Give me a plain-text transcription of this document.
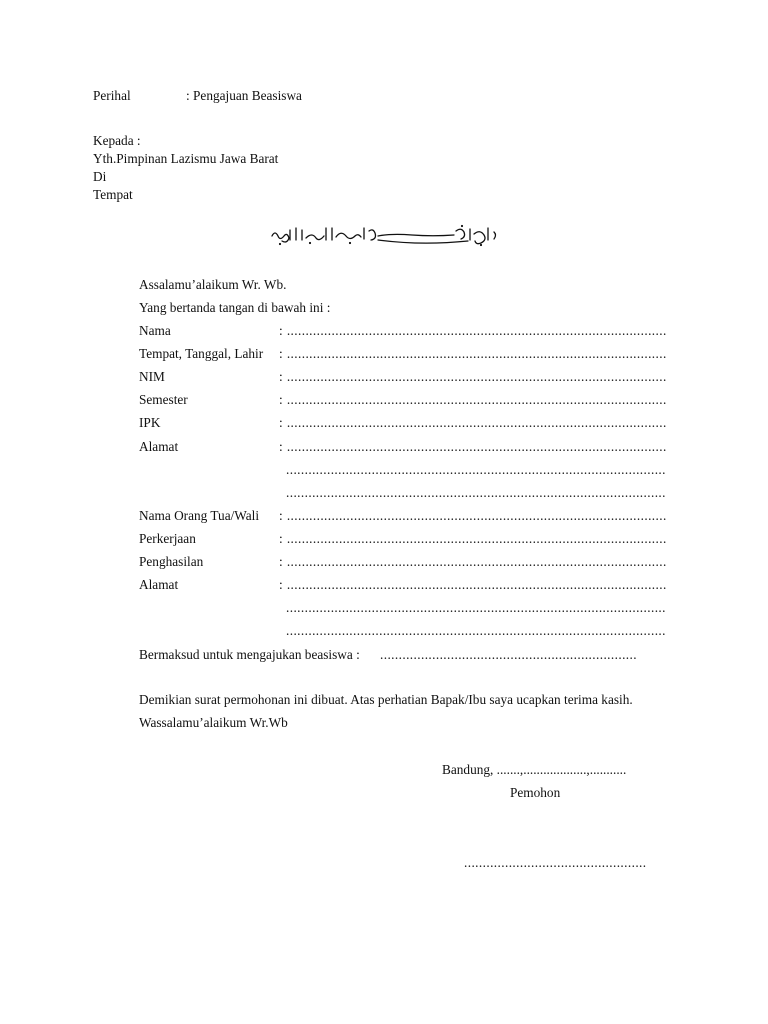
Perihal	: Pengajuan Beasiswa
Kepada :
Yth.Pimpinan Lazismu Jawa Barat
Di
Tempat
Assalamu’alaikum Wr. Wb.
Yang bertanda tangan di bawah ini :
Nama	: ......................................................................................................
Tempat, Tanggal, Lahir : ......................................................................................................
NIM	: ......................................................................................................
Semester	: ......................................................................................................
IPK	: ......................................................................................................
Alamat	: ......................................................................................................
......................................................................................................
......................................................................................................
Nama Orang Tua/Wali : ......................................................................................................
Perkerjaan	: ......................................................................................................
Penghasilan	: ......................................................................................................
Alamat	: ......................................................................................................
......................................................................................................
......................................................................................................
Bermaksud untuk mengajukan beasiswa : .....................................................................
Demikian surat permohonan ini dibuat. Atas perhatian Bapak/Ibu saya ucapkan terima kasih.
Wassalamu’alaikum Wr.Wb
Bandung, .......,...................,...........
Pemohon
.................................................
